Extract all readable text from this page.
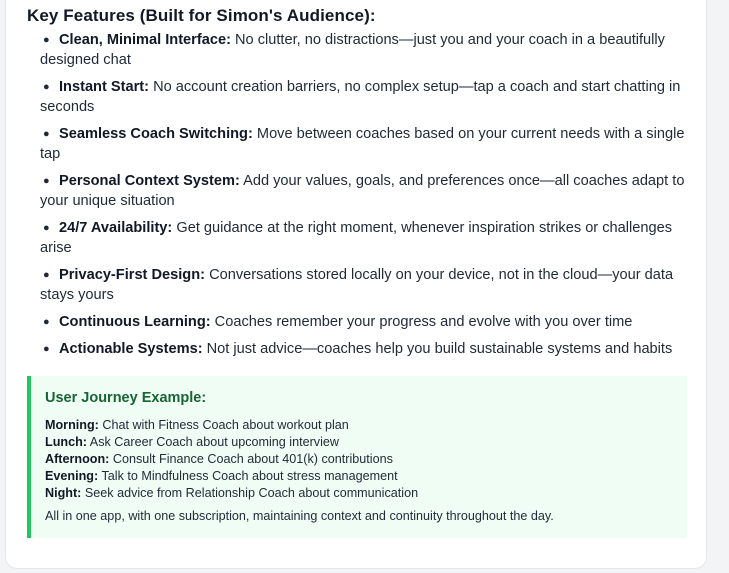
Key Features (Built for Simon's Audience):
● Clean, Minimal Interface: No clutter, no distractions—just you and your coach in a beautifully designed chat
● Instant Start: No account creation barriers, no complex setup—tap a coach and start chatting in seconds
● Seamless Coach Switching: Move between coaches based on your current needs with a single tap
● Personal Context System: Add your values, goals, and preferences once—all coaches adapt to your unique situation
● 24/7 Availability: Get guidance at the right moment, whenever inspiration strikes or challenges arise
● Privacy-First Design: Conversations stored locally on your device, not in the cloud—your data stays yours
● Continuous Learning: Coaches remember your progress and evolve with you over time
● Actionable Systems: Not just advice—coaches help you build sustainable systems and habits
User Journey Example:
Morning: Chat with Fitness Coach about workout plan
Lunch: Ask Career Coach about upcoming interview
Afternoon: Consult Finance Coach about 401(k) contributions
Evening: Talk to Mindfulness Coach about stress management
Night: Seek advice from Relationship Coach about communication
All in one app, with one subscription, maintaining context and continuity throughout the day.
